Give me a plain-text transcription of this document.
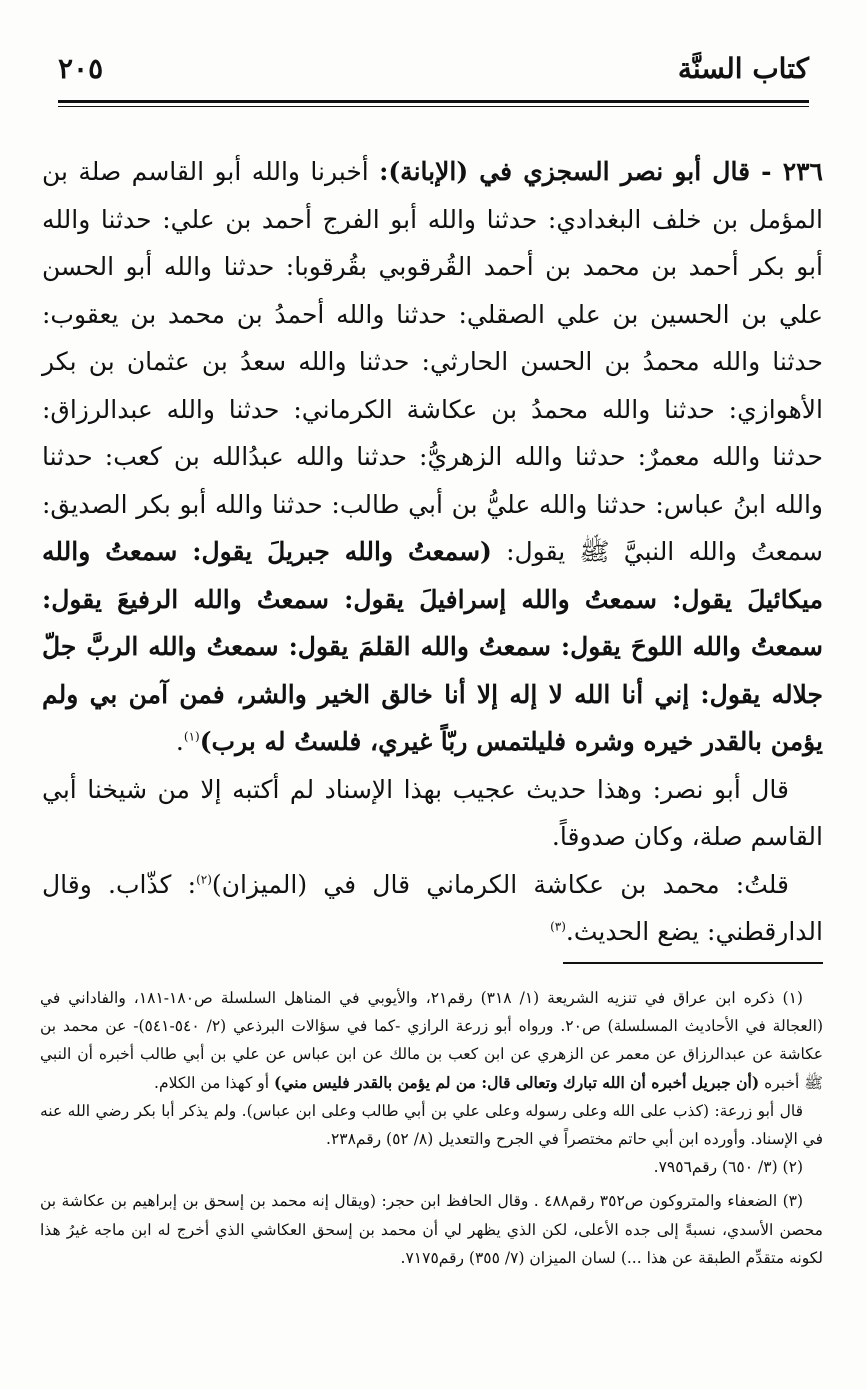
كتاب السنَّة
٢٠٥

٢٣٦ - قال أبو نصر السجزي في (الإبانة): أخبرنا والله أبو القاسم صلة بن المؤمل بن خلف البغدادي: حدثنا والله أبو الفرج أحمد بن علي: حدثنا والله أبو بكر أحمد بن محمد بن أحمد القُرقوبي بقُرقوبا: حدثنا والله أبو الحسن علي بن الحسين بن علي الصقلي: حدثنا والله أحمدُ بن محمد بن يعقوب: حدثنا والله محمدُ بن الحسن الحارثي: حدثنا والله سعدُ بن عثمان بن بكر الأهوازي: حدثنا والله محمدُ بن عكاشة الكرماني: حدثنا والله عبدالرزاق: حدثنا والله معمرٌ: حدثنا والله الزهريُّ: حدثنا والله عبدُالله بن كعب: حدثنا والله ابنُ عباس: حدثنا والله عليُّ بن أبي طالب: حدثنا والله أبو بكر الصديق: سمعتُ والله النبيَّ ﷺ يقول: (سمعتُ والله جبريلَ يقول: سمعتُ والله ميكائيلَ يقول: سمعتُ والله إسرافيلَ يقول: سمعتُ والله الرفيعَ يقول: سمعتُ والله اللوحَ يقول: سمعتُ والله القلمَ يقول: سمعتُ والله الربَّ جلّ جلاله يقول: إني أنا الله لا إله إلا أنا خالق الخير والشر، فمن آمن بي ولم يؤمن بالقدر خيره وشره فليلتمس ربّاً غيري، فلستُ له برب)$^{(١)}$.

قال أبو نصر: وهذا حديث عجيب بهذا الإسناد لم أكتبه إلا من شيخنا أبي القاسم صلة، وكان صدوقاً.

قلتُ: محمد بن عكاشة الكرماني قال في (الميزان)$^{(٢)}$: كذّاب. وقال الدارقطني: يضع الحديث.$^{(٣)}$

(١) ذكره ابن عراق في تنزيه الشريعة (١/ ٣١٨) رقم٢١، والأيوبي في المناهل السلسلة ص١٨٠-١٨١، والفاداني في (العجالة في الأحاديث المسلسلة) ص٢٠. ورواه أبو زرعة الرازي -كما في سؤالات البرذعي (٢/ ٥٤٠-٥٤١)- عن محمد بن عكاشة عن عبدالرزاق عن معمر عن الزهري عن ابن كعب بن مالك عن ابن عباس عن علي بن أبي طالب أخبره أن النبي ﷺ أخبره (أن جبريل أخبره أن الله تبارك وتعالى قال: من لم يؤمن بالقدر فليس مني) أو كهذا من الكلام.

قال أبو زرعة: (كذب على الله وعلى رسوله وعلى علي بن أبي طالب وعلى ابن عباس). ولم يذكر أبا بكر رضي الله عنه في الإسناد. وأورده ابن أبي حاتم مختصراً في الجرح والتعديل (٨/ ٥٢) رقم٢٣٨.

(٢) (٣/ ٦٥٠) رقم٧٩٥٦.

(٣) الضعفاء والمتروكون ص٣٥٢ رقم٤٨٨ . وقال الحافظ ابن حجر: (ويقال إنه محمد بن إسحق بن إبراهيم بن عكاشة بن محصن الأسدي، نسبةً إلى جده الأعلى، لكن الذي يظهر لي أن محمد بن إسحق العكاشي الذي أخرج له ابن ماجه غيرُ هذا لكونه متقدِّم الطبقة عن هذا ...) لسان الميزان (٧/ ٣٥٥) رقم٧١٧٥.
